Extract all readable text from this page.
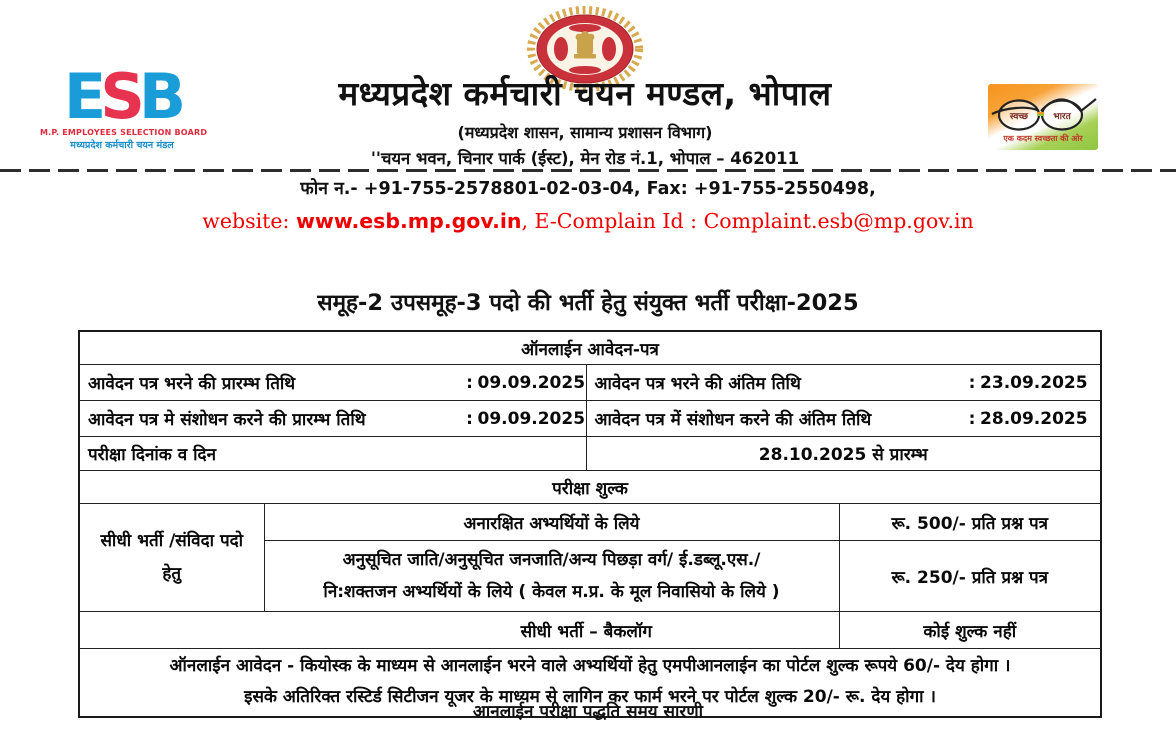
ESB
M.P. EMPLOYEES SELECTION BOARD
मध्यप्रदेश कर्मचारी चयन मंडल
मध्यप्रदेश कर्मचारी चयन मण्डल, भोपाल
(मध्यप्रदेश शासन, सामान्य प्रशासन विभाग)
''चयन भवन, चिनार पार्क (ईस्ट), मेन रोड नं.1, भोपाल – 462011
स्वच्छ	भारत
एक कदम स्वच्छता की ओर
फोन न.- +91-755-2578801-02-03-04, Fax: +91-755-2550498,
website: www.esb.mp.gov.in, E-Complain Id : Complaint.esb@mp.gov.in
समूह-2 उपसमूह-3 पदो की भर्ती हेतु संयुक्त भर्ती परीक्षा-2025
ऑनलाईन आवेदन-पत्र			

आवेदन पत्र भरने की प्रारम्भ तिथि : 09.09.2025		आवेदन पत्र भरने की अंतिम तिथि : 23.09.2025	

आवेदन पत्र मे संशोधन करने की प्रारम्भ तिथि : 09.09.2025		आवेदन पत्र में संशोधन करने की अंतिम तिथि : 28.09.2025	

परीक्षा दिनांक व दिन		28.10.2025 से प्रारम्भ	
परीक्षा शुल्क			

सीधी भर्ती /संविदा पदो
हेतु	अनारक्षित अभ्यर्थियों के लिये		रू. 500/- प्रति प्रश्न पत्र

	अनुसूचित जाति/अनुसूचित जनजाति/अन्य पिछड़ा वर्ग/ ई.डब्लू.एस./
नि:शक्तजन अभ्यर्थियों के लिये ( केवल म.प्र. के मूल निवासियो के लिये )		रू. 250/- प्रति प्रश्न पत्र
सीधी भर्ती – बैकलॉग			कोई शुल्क नहीं

ऑनलाईन आवेदन - कियोस्क के माध्यम से आनलाईन भरने वाले अभ्यर्थियों हेतु एमपीआनलाईन का पोर्टल शुल्क रूपये 60/- देय होगा ।
इसके अतिरिक्त रस्टिर्ड सिटीजन यूजर के माध्यम से लागिन कर फार्म भरने पर पोर्टल शुल्क 20/- रू. देय होगा ।			
आनलाईन परीक्षा पद्धति समय सारणी
